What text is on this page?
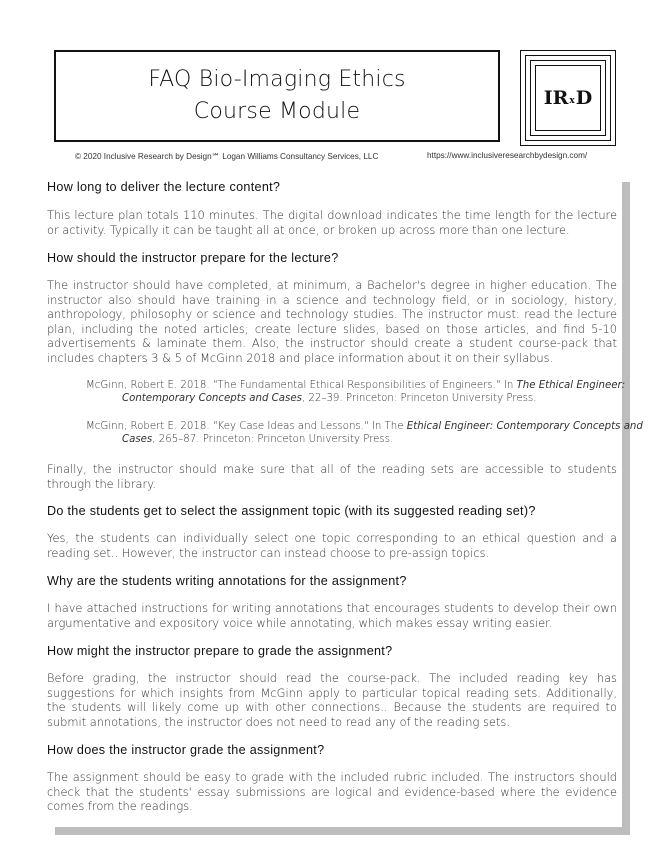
FAQ Bio-Imaging Ethics
Course Module
IR x D
© 2020 Inclusive Research by Design℠ Logan Williams Consultancy Services, LLC	https://www.inclusiveresearchbydesign.com/
How long to deliver the lecture content?
This lecture plan totals 110 minutes. The digital download indicates the time length for the lecture or activity. Typically it can be taught all at once, or broken up across more than one lecture.
How should the instructor prepare for the lecture?
The instructor should have completed, at minimum, a Bachelor's degree in higher education. The instructor also should have training in a science and technology field, or in sociology, history, anthropology, philosophy or science and technology studies. The instructor must: read the lecture plan, including the noted articles; create lecture slides, based on those articles, and find 5-10 advertisements & laminate them. Also, the instructor should create a student course-pack that includes chapters 3 & 5 of McGinn 2018 and place information about it on their syllabus.
McGinn, Robert E. 2018. "The Fundamental Ethical Responsibilities of Engineers." In The Ethical Engineer: Contemporary Concepts and Cases, 22–39. Princeton: Princeton University Press.
McGinn, Robert E. 2018. "Key Case Ideas and Lessons." In The Ethical Engineer: Contemporary Concepts and Cases, 265–87. Princeton: Princeton University Press.
Finally, the instructor should make sure that all of the reading sets are accessible to students through the library.
Do the students get to select the assignment topic (with its suggested reading set)?
Yes, the students can individually select one topic corresponding to an ethical question and a reading set.. However, the instructor can instead choose to pre-assign topics.
Why are the students writing annotations for the assignment?
I have attached instructions for writing annotations that encourages students to develop their own argumentative and expository voice while annotating, which makes essay writing easier.
How might the instructor prepare to grade the assignment?
Before grading, the instructor should read the course-pack. The included reading key has suggestions for which insights from McGinn apply to particular topical reading sets. Additionally, the students will likely come up with other connections.. Because the students are required to submit annotations, the instructor does not need to read any of the reading sets.
How does the instructor grade the assignment?
The assignment should be easy to grade with the included rubric included. The instructors should check that the students' essay submissions are logical and evidence-based where the evidence comes from the readings.
